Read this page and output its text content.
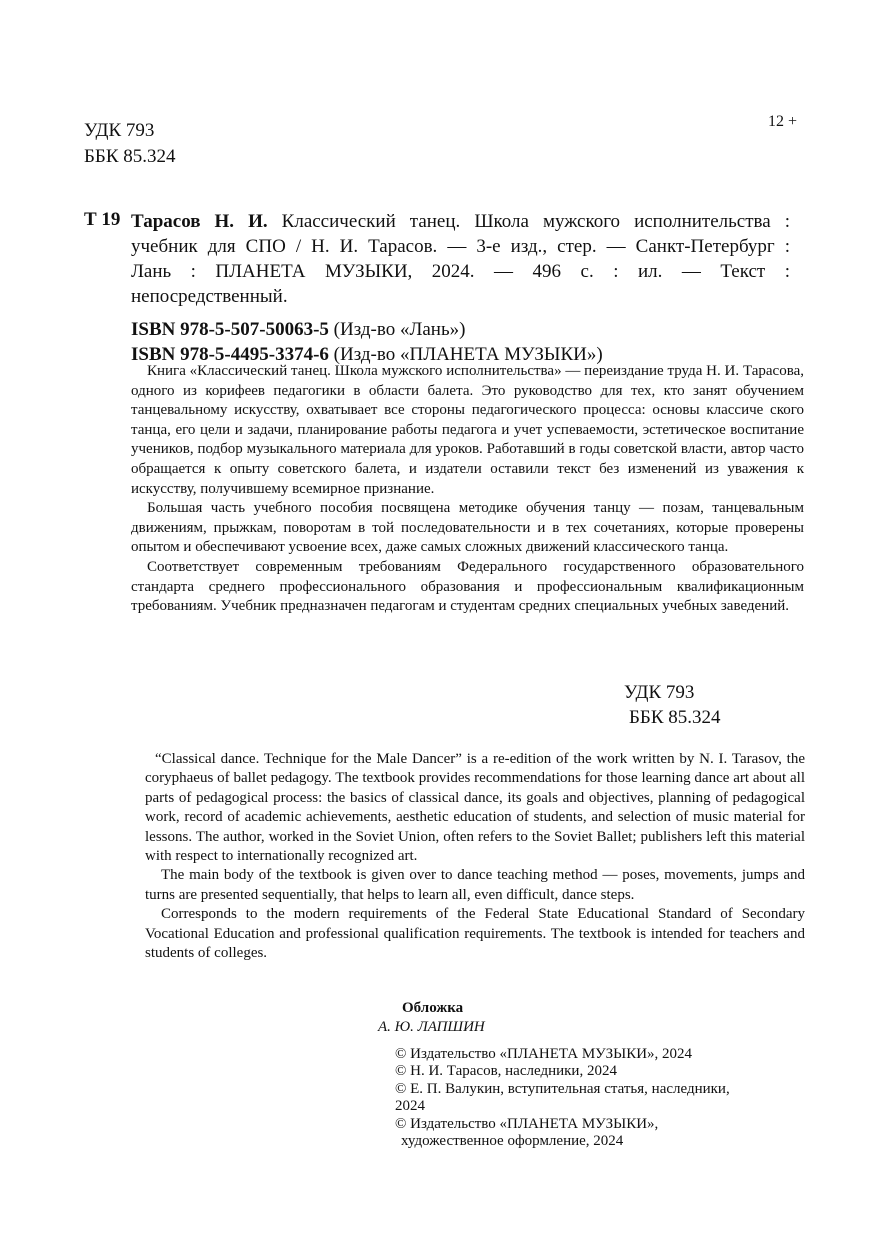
УДК 793
ББК 85.324
12 +
Т 19 Тарасов Н. И. Классический танец. Школа мужского исполнительства :

учебник для СПО / Н. И. Тарасов. — 3-е изд., стер. — Санкт-Петербург :

Лань : ПЛАНЕТА МУЗЫКИ, 2024. — 496 с. : ил. — Текст :

непосредственный.

ISBN 978-5-507-50063-5 (Изд-во «Лань»)
ISBN 978-5-4495-3374-6 (Изд-во «ПЛАНЕТА МУЗЫКИ»)

Книга «Классический танец. Школа мужского исполнительства» — переиздание труда Н. И. Тарасова, одного из корифеев педагогики в области балета. Это руководство для тех, кто занят обучением танцевальному искусству, охватывает все стороны педагогического процесса: основы классиче ского танца, его цели и задачи, планирование работы педагога и учет успеваемости, эстетическое воспитание учеников, подбор музыкального материала для уроков. Работавший в годы советской власти, автор часто обращается к опыту советского балета, и издатели оставили текст без изменений из уважения к искусству, получившему всемирное признание.

Большая часть учебного пособия посвящена методике обучения танцу — позам, танцевальным движениям, прыжкам, поворотам в той последовательности и в тех сочетаниях, которые проверены опытом и обеспечивают усвоение всех, даже самых сложных движений классического танца.

Соответствует современным требованиям Федерального государственного образовательного стандарта среднего профессионального образования и профессиональным квалификационным требованиям. Учебник предназначен педагогам и студентам средних специальных учебных заведений.

УДК 793
ББК 85.324

“Classical dance. Technique for the Male Dancer” is a re-edition of the work written by N. I. Tarasov, the coryphaeus of ballet pedagogy. The textbook provides recommendations for those learning dance art about all parts of pedagogical process: the basics of classical dance, its goals and objectives, planning of pedagogical work, record of academic achievements, aesthetic education of students, and selection of music material for lessons. The author, worked in the Soviet Union, often refers to the Soviet Ballet; publishers left this material with respect to internationally recognized art.

The main body of the textbook is given over to dance teaching method — poses, movements, jumps and turns are presented sequentially, that helps to learn all, even difficult, dance steps.

Corresponds to the modern requirements of the Federal State Educational Standard of Secondary Vocational Education and professional qualification requirements. The textbook is intended for teachers and students of colleges.

Обложка
А. Ю. ЛАПШИН
© Издательство «ПЛАНЕТА МУЗЫКИ», 2024
© Н. И. Тарасов, наследники, 2024
© Е. П. Валукин, вступительная статья, наследники,
2024
© Издательство «ПЛАНЕТА МУЗЫКИ»,
художественное оформление, 2024
